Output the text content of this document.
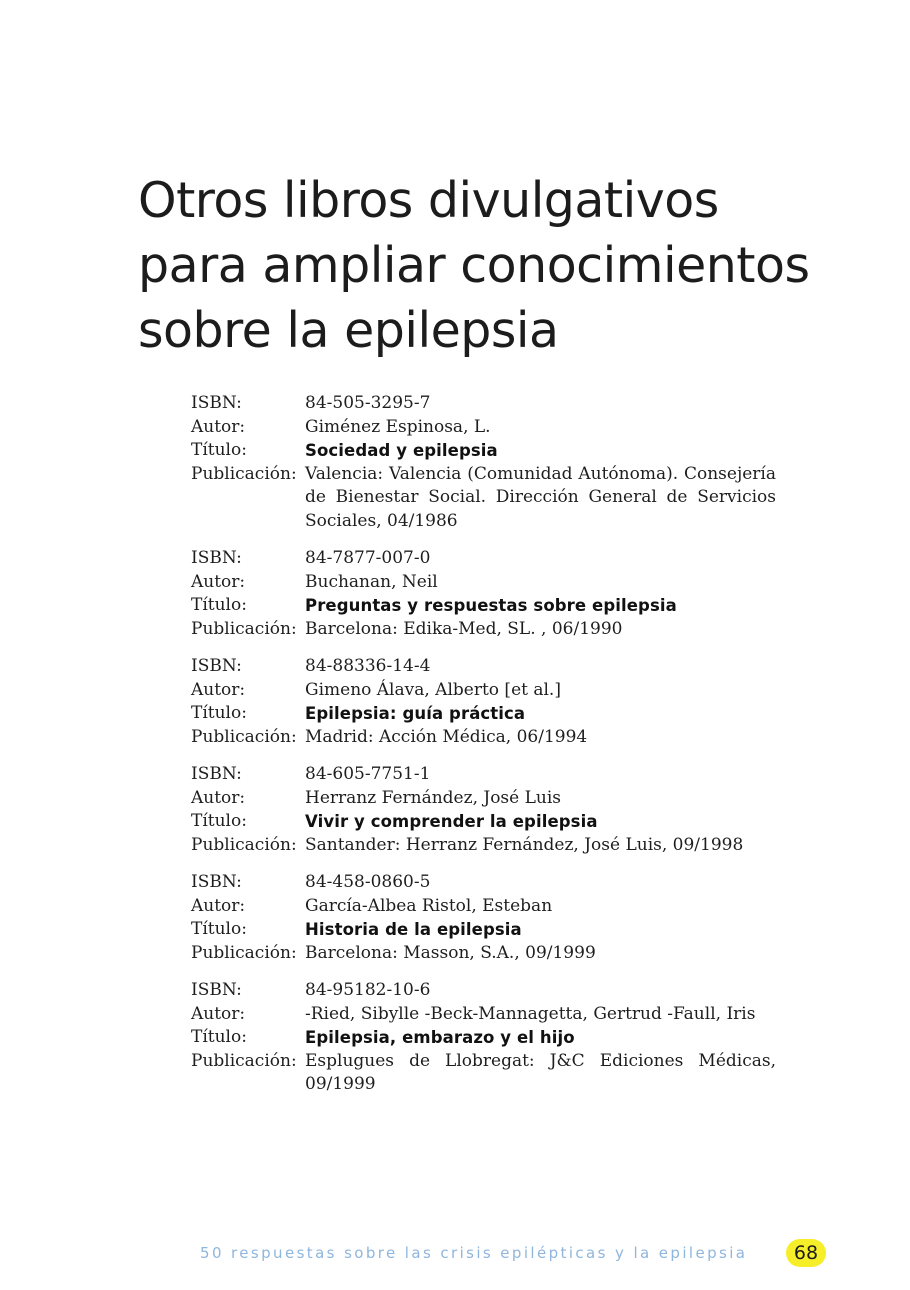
Otros libros divulgativos
para ampliar conocimientos
sobre la epilepsia
ISBN:	84-505-3295-7
Autor:	Giménez Espinosa, L.
Título:	Sociedad y epilepsia
Publicación: Valencia: Valencia (Comunidad Autónoma). Consejería de Bienestar Social. Dirección General de Servicios Sociales, 04/1986
ISBN:	84-7877-007-0
Autor:	Buchanan, Neil
Título:	Preguntas y respuestas sobre epilepsia
Publicación: Barcelona: Edika-Med, SL. , 06/1990
ISBN:	84-88336-14-4
Autor:	Gimeno Álava, Alberto [et al.]
Título:	Epilepsia: guía práctica
Publicación: Madrid: Acción Médica, 06/1994
ISBN:	84-605-7751-1
Autor:	Herranz Fernández, José Luis
Título:	Vivir y comprender la epilepsia
Publicación: Santander: Herranz Fernández, José Luis, 09/1998
ISBN:	84-458-0860-5
Autor:	García-Albea Ristol, Esteban
Título:	Historia de la epilepsia
Publicación: Barcelona: Masson, S.A., 09/1999
ISBN:	84-95182-10-6
Autor:	-Ried, Sibylle -Beck-Mannagetta, Gertrud -Faull, Iris
Título:	Epilepsia, embarazo y el hijo
Publicación: Esplugues de Llobregat: J&C Ediciones Médicas, 09/1999
50 respuestas sobre las crisis epilépticas y la epilepsia	68
